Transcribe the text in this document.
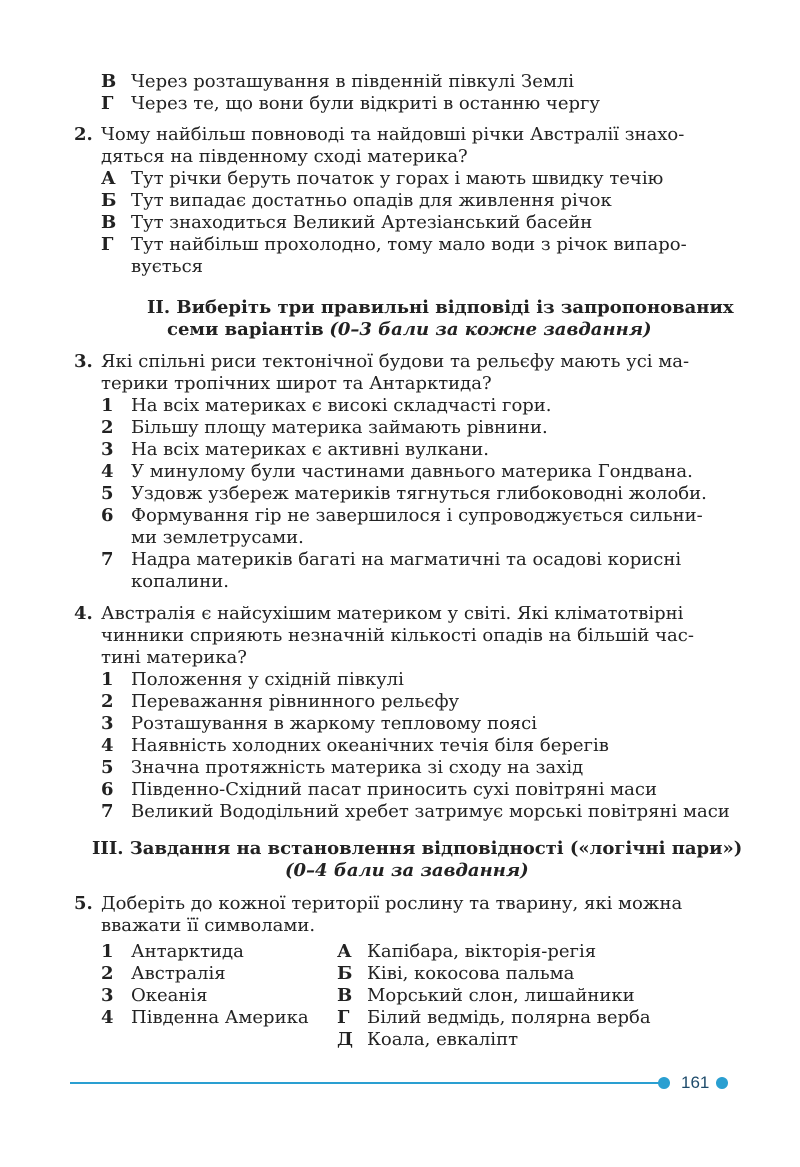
В Через розташування в південній півкулі Землі
Г Через те, що вони були відкриті в останню чергу
2. Чому найбільш повноводі та найдовші річки Австралії знахо-
дяться на південному сході материка?
А Тут річки беруть початок у горах і мають швидку течію
Б Тут випадає достатньо опадів для живлення річок
В Тут знаходиться Великий Артезіанський басейн
Г Тут найбільш прохолодно, тому мало води з річок випаро-
вується
ІІ. Виберіть три правильні відповіді із запропонованих
семи варіантів (0–3 бали за кожне завдання)
3. Які спільні риси тектонічної будови та рельєфу мають усі ма-
терики тропічних широт та Антарктида?
1 На всіх материках є високі складчасті гори.
2 Більшу площу материка займають рівнини.
3 На всіх материках є активні вулкани.
4 У минулому були частинами давнього материка Гондвана.
5 Уздовж узбереж материків тягнуться глибоководні жолоби.
6 Формування гір не завершилося і супроводжується сильни-
ми землетрусами.
7 Надра материків багаті на магматичні та осадові корисні
копалини.
4. Австралія є найсухішим материком у світі. Які кліматотвірні
чинники сприяють незначній кількості опадів на більшій час-
тині материка?
1 Положення у східній півкулі
2 Переважання рівнинного рельєфу
3 Розташування в жаркому тепловому поясі
4 Наявність холодних океанічних течія біля берегів
5 Значна протяжність материка зі сходу на захід
6 Південно-Східний пасат приносить сухі повітряні маси
7 Великий Вододільний хребет затримує морські повітряні маси
ІІІ. Завдання на встановлення відповідності («логічні пари»)
(0–4 бали за завдання)
5. Доберіть до кожної території рослину та тварину, які можна
вважати її символами.
1 Антарктида
2 Австралія
3 Океанія
4 Південна Америка
А Капібара, вікторія-регія
Б Ківі, кокосова пальма
В Морський слон, лишайники
Г Білий ведмідь, полярна верба
Д Коала, евкаліпт
161
